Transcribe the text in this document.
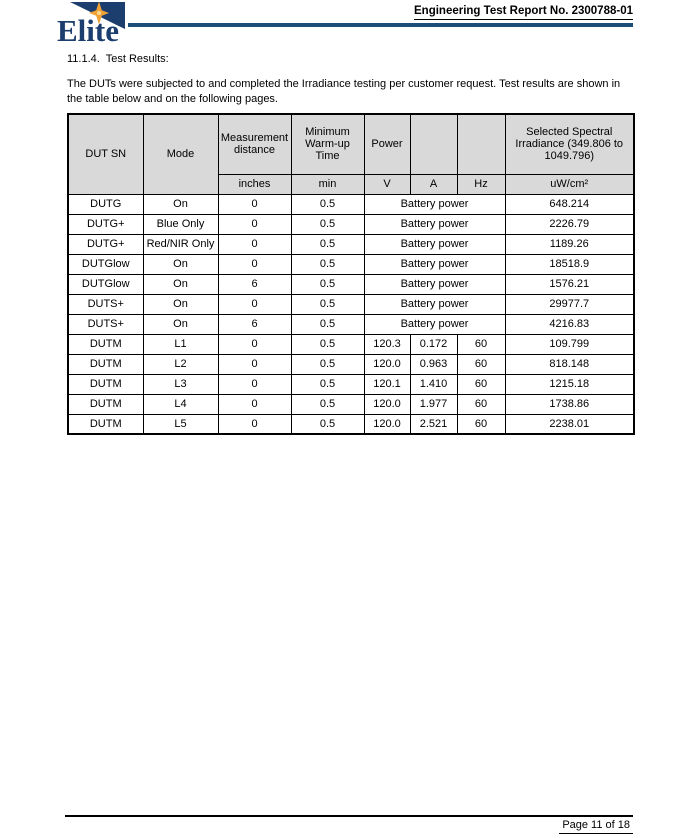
Elite
Engineering Test Report No. 2300788-01
11.1.4.  Test Results:

The DUTs were subjected to and completed the Irradiance testing per customer request. Test results are shown in the table below and on the following pages.

DUT SN	Mode	Measurement distance	Minimum Warm-up Time	Power			Selected Spectral Irradiance (349.806 to 1049.796)
		inches	min	V	A	Hz	uW/cm²
DUTG	On	0	0.5	Battery power			648.214
DUTG+	Blue Only	0	0.5	Battery power			2226.79
DUTG+	Red/NIR Only	0	0.5	Battery power			1189.26
DUTGlow	On	0	0.5	Battery power			18518.9
DUTGlow	On	6	0.5	Battery power			1576.21
DUTS+	On	0	0.5	Battery power			29977.7
DUTS+	On	6	0.5	Battery power			4216.83
DUTM	L1	0	0.5	120.3	0.172	60	109.799
DUTM	L2	0	0.5	120.0	0.963	60	818.148
DUTM	L3	0	0.5	120.1	1.410	60	1215.18
DUTM	L4	0	0.5	120.0	1.977	60	1738.86
DUTM	L5	0	0.5	120.0	2.521	60	2238.01
Page 11 of 18
